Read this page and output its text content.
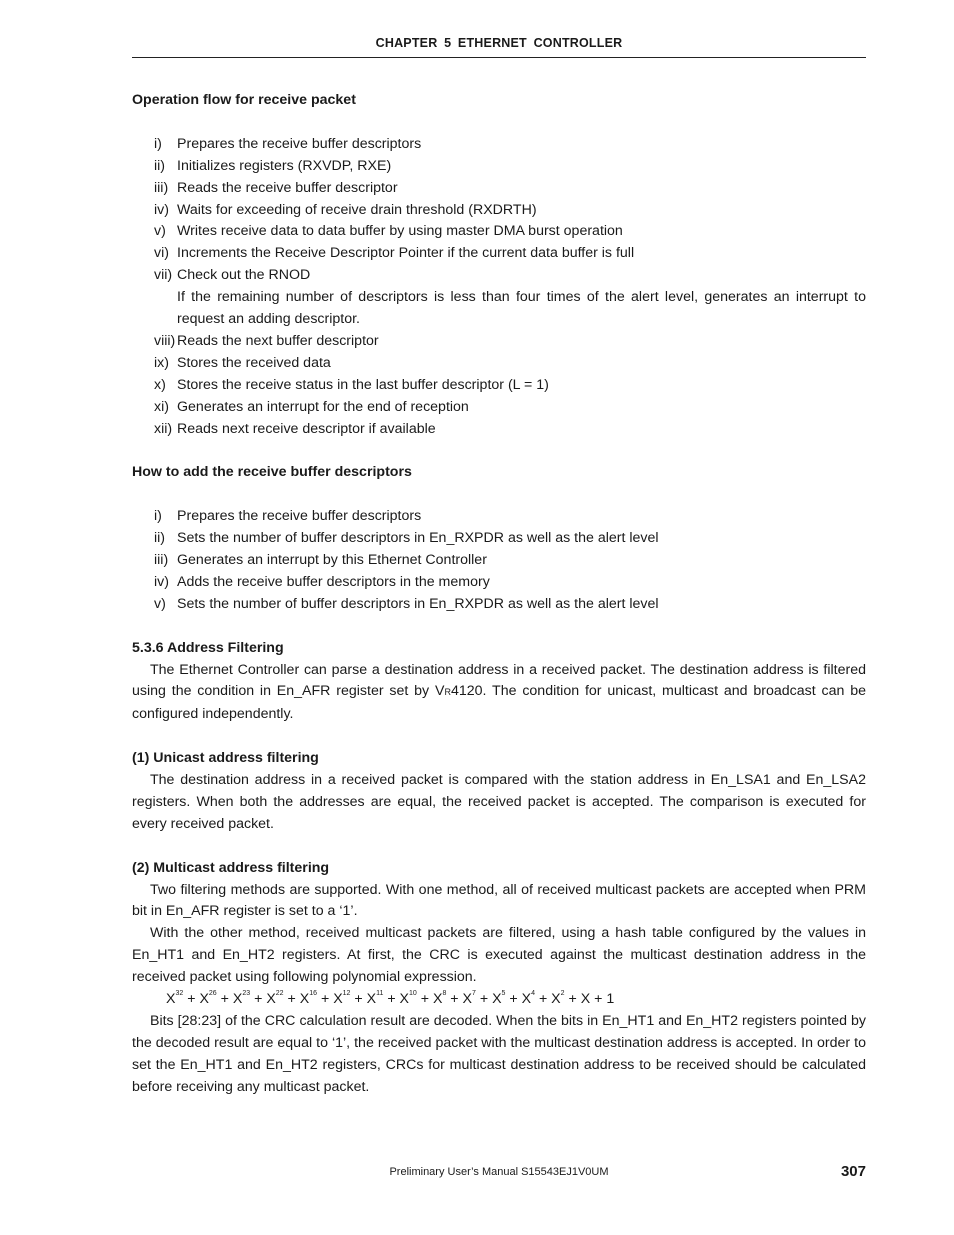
CHAPTER 5 ETHERNET CONTROLLER
Operation flow for receive packet
i) Prepares the receive buffer descriptors
ii) Initializes registers (RXVDP, RXE)
iii) Reads the receive buffer descriptor
iv) Waits for exceeding of receive drain threshold (RXDRTH)
v) Writes receive data to data buffer by using master DMA burst operation
vi) Increments the Receive Descriptor Pointer if the current data buffer is full
vii) Check out the RNOD
If the remaining number of descriptors is less than four times of the alert level, generates an interrupt to request an adding descriptor.
viii) Reads the next buffer descriptor
ix) Stores the received data
x) Stores the receive status in the last buffer descriptor (L = 1)
xi) Generates an interrupt for the end of reception
xii) Reads next receive descriptor if available
How to add the receive buffer descriptors
i) Prepares the receive buffer descriptors
ii) Sets the number of buffer descriptors in En_RXPDR as well as the alert level
iii) Generates an interrupt by this Ethernet Controller
iv) Adds the receive buffer descriptors in the memory
v) Sets the number of buffer descriptors in En_RXPDR as well as the alert level
5.3.6 Address Filtering

The Ethernet Controller can parse a destination address in a received packet. The destination address is filtered using the condition in En_AFR register set by VR4120. The condition for unicast, multicast and broadcast can be configured independently.

(1) Unicast address filtering

The destination address in a received packet is compared with the station address in En_LSA1 and En_LSA2 registers. When both the addresses are equal, the received packet is accepted. The comparison is executed for every received packet.

(2) Multicast address filtering

Two filtering methods are supported. With one method, all of received multicast packets are accepted when PRM bit in En_AFR register is set to a ‘1’.

With the other method, received multicast packets are filtered, using a hash table configured by the values in En_HT1 and En_HT2 registers. At first, the CRC is executed against the multicast destination address in the received packet using following polynomial expression.

$X^{32} + X^{26} + X^{23} + X^{22} + X^{16} + X^{12} + X^{11} + X^{10} + X^8 + X^7 + X^5 + X^4 + X^2 + X + 1$

Bits [28:23] of the CRC calculation result are decoded. When the bits in En_HT1 and En_HT2 registers pointed by the decoded result are equal to ‘1’, the received packet with the multicast destination address is accepted. In order to set the En_HT1 and En_HT2 registers, CRCs for multicast destination address to be received should be calculated before receiving any multicast packet.

Preliminary User’s Manual S15543EJ1V0UM	307
